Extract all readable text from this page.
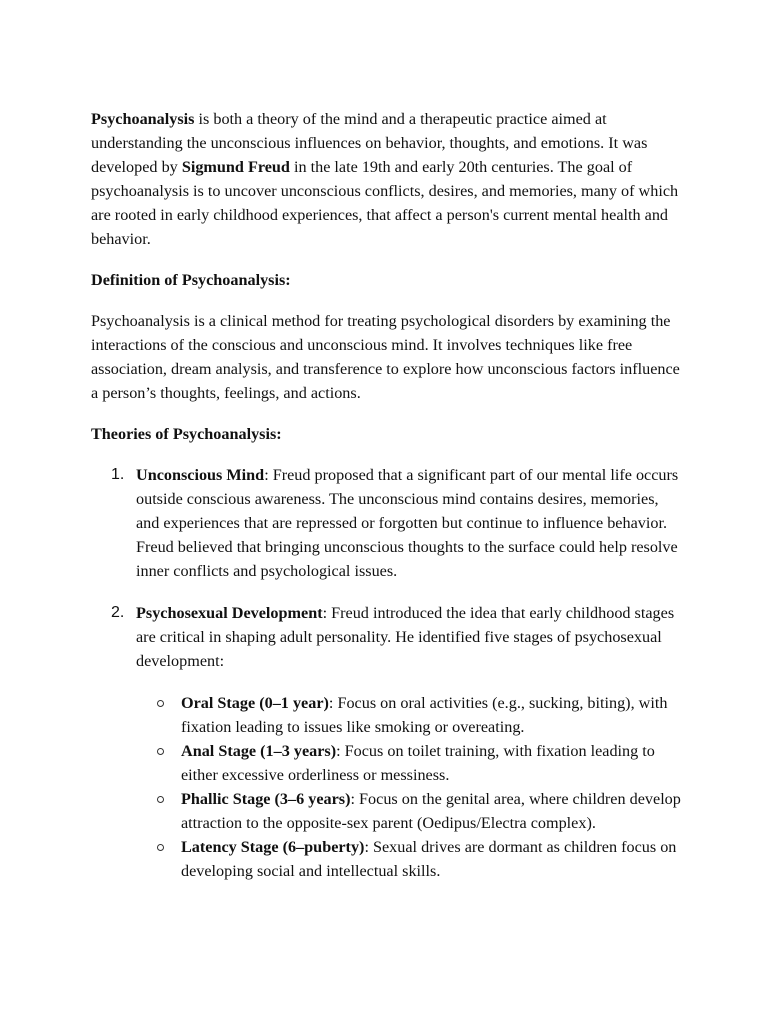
Psychoanalysis is both a theory of the mind and a therapeutic practice aimed at understanding the unconscious influences on behavior, thoughts, and emotions. It was developed by Sigmund Freud in the late 19th and early 20th centuries. The goal of psychoanalysis is to uncover unconscious conflicts, desires, and memories, many of which are rooted in early childhood experiences, that affect a person's current mental health and behavior.

Definition of Psychoanalysis:

Psychoanalysis is a clinical method for treating psychological disorders by examining the interactions of the conscious and unconscious mind. It involves techniques like free association, dream analysis, and transference to explore how unconscious factors influence a person’s thoughts, feelings, and actions.

Theories of Psychoanalysis:

1. Unconscious Mind: Freud proposed that a significant part of our mental life occurs outside conscious awareness. The unconscious mind contains desires, memories, and experiences that are repressed or forgotten but continue to influence behavior. Freud believed that bringing unconscious thoughts to the surface could help resolve inner conflicts and psychological issues.
2. Psychosexual Development: Freud introduced the idea that early childhood stages are critical in shaping adult personality. He identified five stages of psychosexual development:
Oral Stage (0–1 year): Focus on oral activities (e.g., sucking, biting), with fixation leading to issues like smoking or overeating.
Anal Stage (1–3 years): Focus on toilet training, with fixation leading to either excessive orderliness or messiness.
Phallic Stage (3–6 years): Focus on the genital area, where children develop attraction to the opposite-sex parent (Oedipus/Electra complex).
Latency Stage (6–puberty): Sexual drives are dormant as children focus on developing social and intellectual skills.
